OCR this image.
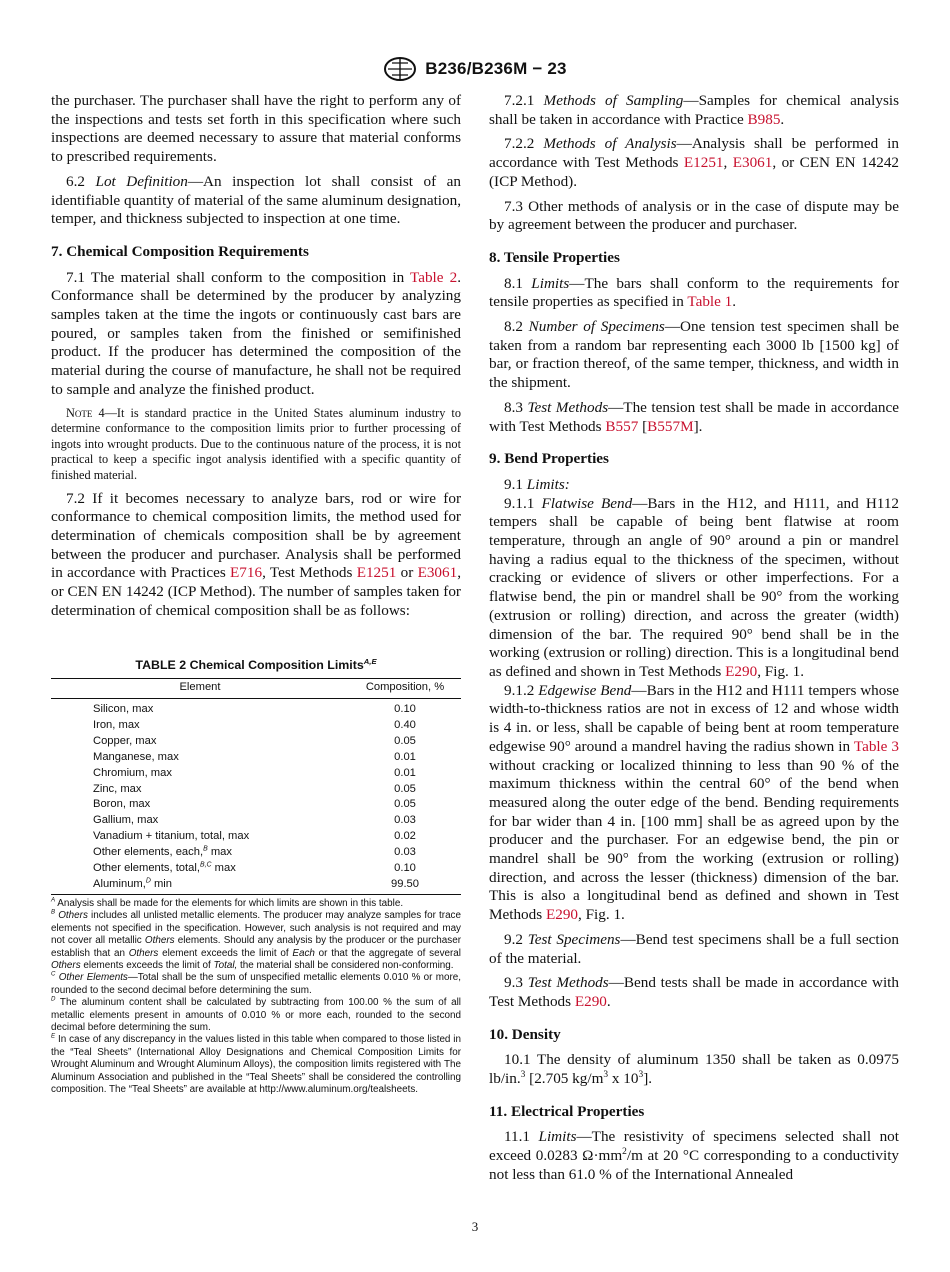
B236/B236M − 23

the purchaser. The purchaser shall have the right to perform any of the inspections and tests set forth in this specification where such inspections are deemed necessary to assure that material conforms to prescribed requirements.

6.2 Lot Definition—An inspection lot shall consist of an identifiable quantity of material of the same aluminum designation, temper, and thickness subjected to inspection at one time.

7. Chemical Composition Requirements

7.1 The material shall conform to the composition in Table 2. Conformance shall be determined by the producer by analyzing samples taken at the time the ingots or continuously cast bars are poured, or samples taken from the finished or semifinished product. If the producer has determined the composition of the material during the course of manufacture, he shall not be required to sample and analyze the finished product.

Note 4—It is standard practice in the United States aluminum industry to determine conformance to the composition limits prior to further processing of ingots into wrought products. Due to the continuous nature of the process, it is not practical to keep a specific ingot analysis identified with a specific quantity of finished material.

7.2 If it becomes necessary to analyze bars, rod or wire for conformance to chemical composition limits, the method used for determination of chemicals composition shall be by agreement between the producer and purchaser. Analysis shall be performed in accordance with Practices E716, Test Methods E1251 or E3061, or CEN EN 14242 (ICP Method). The number of samples taken for determination of chemical composition shall be as follows:

TABLE 2 Chemical Composition Limits$^{A,E}$
Element	Composition, %
Silicon, max	0.10
Iron, max	0.40
Copper, max	0.05
Manganese, max	0.01
Chromium, max	0.01
Zinc, max	0.05
Boron, max	0.05
Gallium, max	0.03
Vanadium + titanium, total, max	0.02
Other elements, each,$^B$ max	0.03
Other elements, total,$^{B,C}$ max	0.10
Aluminum,$^D$ min	99.50

$^A$ Analysis shall be made for the elements for which limits are shown in this table.

$^B$ Others includes all unlisted metallic elements. The producer may analyze samples for trace elements not specified in the specification. However, such analysis is not required and may not cover all metallic Others elements. Should any analysis by the producer or the purchaser establish that an Others element exceeds the limit of Each or that the aggregate of several Others elements exceeds the limit of Total, the material shall be considered non-conforming.

$^C$ Other Elements—Total shall be the sum of unspecified metallic elements 0.010 % or more, rounded to the second decimal before determining the sum.

$^D$ The aluminum content shall be calculated by subtracting from 100.00 % the sum of all metallic elements present in amounts of 0.010 % or more each, rounded to the second decimal before determining the sum.

$^E$ In case of any discrepancy in the values listed in this table when compared to those listed in the “Teal Sheets” (International Alloy Designations and Chemical Composition Limits for Wrought Aluminum and Wrought Aluminum Alloys), the composition limits registered with The Aluminum Association and published in the “Teal Sheets” shall be considered the controlling composition. The “Teal Sheets” are available at http://www.aluminum.org/tealsheets.

7.2.1 Methods of Sampling—Samples for chemical analysis shall be taken in accordance with Practice B985.

7.2.2 Methods of Analysis—Analysis shall be performed in accordance with Test Methods E1251, E3061, or CEN EN 14242 (ICP Method).

7.3 Other methods of analysis or in the case of dispute may be by agreement between the producer and purchaser.

8. Tensile Properties

8.1 Limits—The bars shall conform to the requirements for tensile properties as specified in Table 1.

8.2 Number of Specimens—One tension test specimen shall be taken from a random bar representing each 3000 lb [1500 kg] of bar, or fraction thereof, of the same temper, thickness, and width in the shipment.

8.3 Test Methods—The tension test shall be made in accordance with Test Methods B557 [B557M].

9. Bend Properties

9.1 Limits:

9.1.1 Flatwise Bend—Bars in the H12, and H111, and H112 tempers shall be capable of being bent flatwise at room temperature, through an angle of 90° around a pin or mandrel having a radius equal to the thickness of the specimen, without cracking or evidence of slivers or other imperfections. For a flatwise bend, the pin or mandrel shall be 90° from the working (extrusion or rolling) direction, and across the greater (width) dimension of the bar. The required 90° bend shall be in the working (extrusion or rolling) direction. This is a longitudinal bend as defined and shown in Test Methods E290, Fig. 1.

9.1.2 Edgewise Bend—Bars in the H12 and H111 tempers whose width-to-thickness ratios are not in excess of 12 and whose width is 4 in. or less, shall be capable of being bent at room temperature edgewise 90° around a mandrel having the radius shown in Table 3 without cracking or localized thinning to less than 90 % of the maximum thickness within the central 60° of the bend when measured along the outer edge of the bend. Bending requirements for bar wider than 4 in. [100 mm] shall be as agreed upon by the producer and the purchaser. For an edgewise bend, the pin or mandrel shall be 90° from the working (extrusion or rolling) direction, and across the lesser (thickness) dimension of the bar. This is also a longitudinal bend as defined and shown in Test Methods E290, Fig. 1.

9.2 Test Specimens—Bend test specimens shall be a full section of the material.

9.3 Test Methods—Bend tests shall be made in accordance with Test Methods E290.

10. Density

10.1 The density of aluminum 1350 shall be taken as 0.0975 lb/in.$^3$ [2.705 $kg/m^3$ x $10^3$].

11. Electrical Properties

11.1 Limits—The resistivity of specimens selected shall not exceed 0.0283 $\Omega\cdot mm^2/m$ at 20 °C corresponding to a conductivity not less than 61.0 % of the International Annealed

3
